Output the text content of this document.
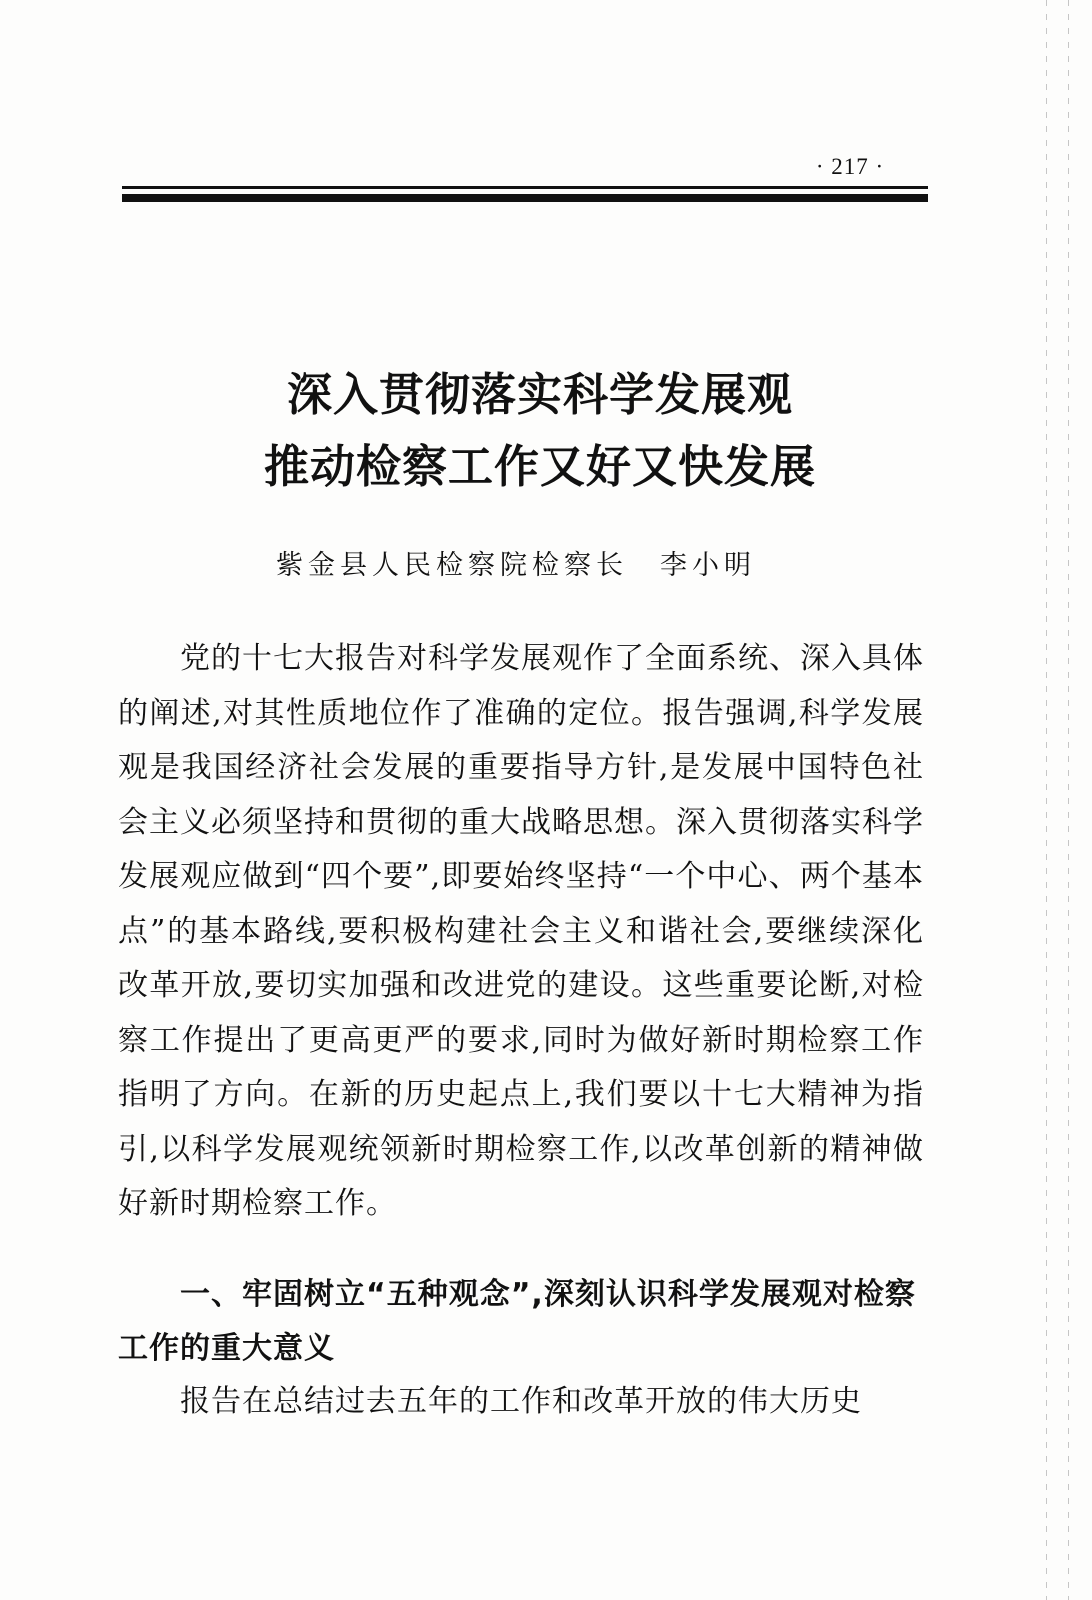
· 217 ·
深入贯彻落实科学发展观
推动检察工作又好又快发展
紫金县人民检察院检察长 李小明

党的十七大报告对科学发展观作了全面系统、深入具体的阐述,对其性质地位作了准确的定位。报告强调,科学发展观是我国经济社会发展的重要指导方针,是发展中国特色社会主义必须坚持和贯彻的重大战略思想。深入贯彻落实科学发展观应做到“四个要”,即要始终坚持“一个中心、两个基本点”的基本路线,要积极构建社会主义和谐社会,要继续深化改革开放,要切实加强和改进党的建设。这些重要论断,对检察工作提出了更高更严的要求,同时为做好新时期检察工作指明了方向。在新的历史起点上,我们要以十七大精神为指引,以科学发展观统领新时期检察工作,以改革创新的精神做好新时期检察工作。

一、牢固树立“五种观念”,深刻认识科学发展观对检察工作的重大意义
报告在总结过去五年的工作和改革开放的伟大历史
